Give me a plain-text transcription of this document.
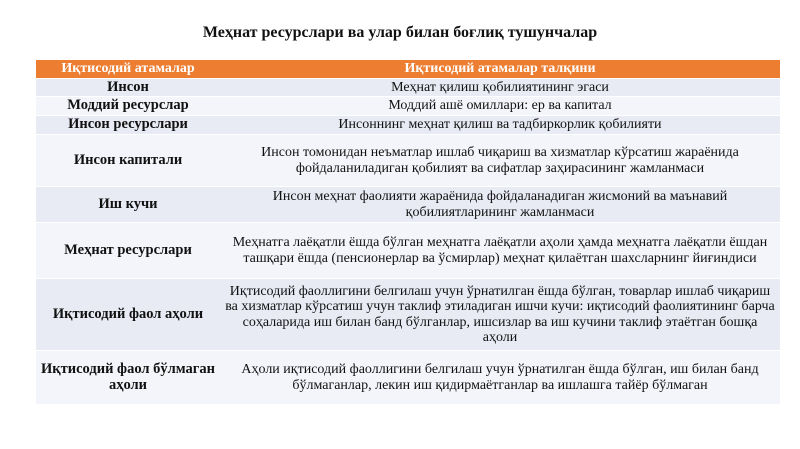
Меҳнат ресурслари ва улар билан боғлиқ тушунчалар
Иқтисодий атамалар	Иқтисодий атамалар талқини
Инсон	Меҳнат қилиш қобилиятининг эгаси
Моддий ресурслар	Моддий ашё омиллари: ер ва капитал
Инсон ресурслари	Инсоннинг меҳнат қилиш ва тадбиркорлик қобилияти
Инсон капитали	Инсон томонидан неъматлар ишлаб чиқариш ва хизматлар кўрсатиш жараёнида фойдаланиладиган қобилият ва сифатлар заҳирасининг жамланмаси
Иш кучи	Инсон меҳнат фаолияти жараёнида фойдаланадиган жисмоний ва маънавий қобилиятларининг жамланмаси
Меҳнат ресурслари	Меҳнатга лаёқатли ёшда бўлган меҳнатга лаёқатли аҳоли ҳамда меҳнатга лаёқатли ёшдан ташқари ёшда (пенсионерлар ва ўсмирлар) меҳнат қилаётган шахсларнинг йиғиндиси
Иқтисодий фаол аҳоли	Иқтисодий фаоллигини белгилаш учун ўрнатилган ёшда бўлган, товарлар ишлаб чиқариш ва хизматлар кўрсатиш учун таклиф этиладиган ишчи кучи: иқтисодий фаолиятининг барча соҳаларида иш билан банд бўлганлар, ишсизлар ва иш кучини таклиф этаётган бошқа аҳоли
Иқтисодий фаол бўлмаган аҳоли	Аҳоли иқтисодий фаоллигини белгилаш учун ўрнатилган ёшда бўлган, иш билан банд бўлмаганлар, лекин иш қидирмаётганлар ва ишлашга тайёр бўлмаган
